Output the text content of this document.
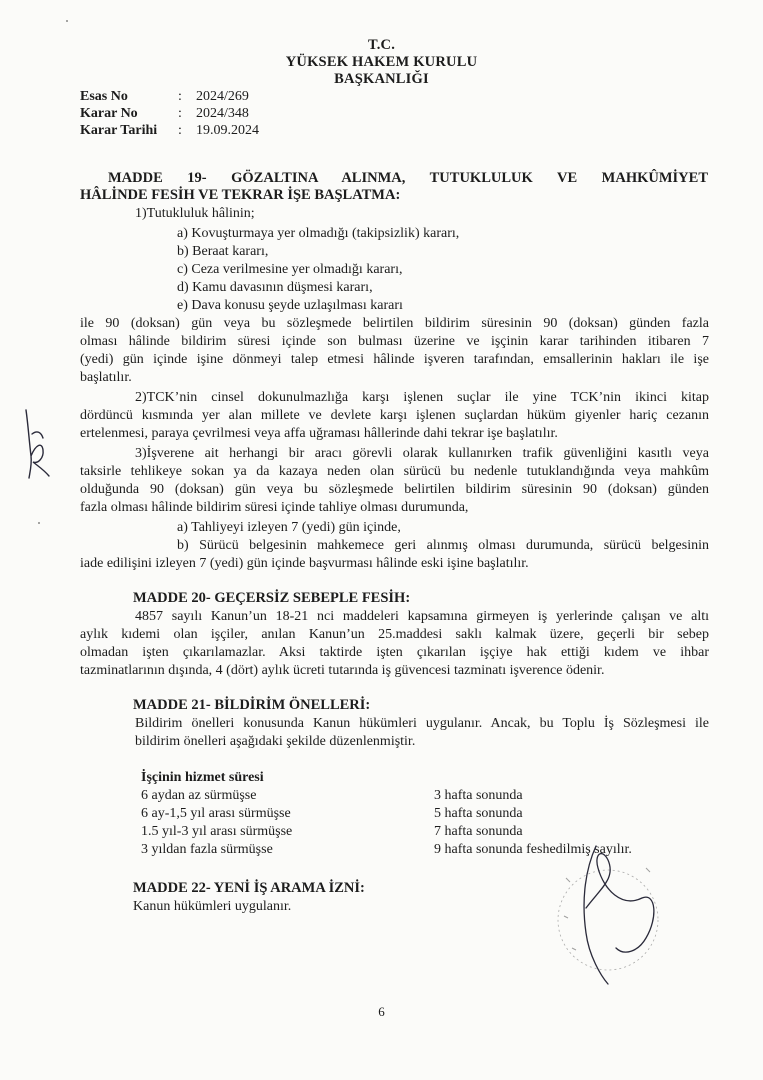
T.C.
YÜKSEK HAKEM KURULU
BAŞKANLIĞI
Esas No	: 2024/269
Karar No	: 2024/348
Karar Tarihi : 19.09.2024
MADDE 19- GÖZALTINA ALINMA, TUTUKLULUK VE MAHKÛMİYET
HÂLİNDE FESİH VE TEKRAR İŞE BAŞLATMA:
1)Tutukluluk hâlinin;
a) Kovuşturmaya yer olmadığı (takipsizlik) kararı,
b) Beraat kararı,
c) Ceza verilmesine yer olmadığı kararı,
d) Kamu davasının düşmesi kararı,
e) Dava konusu şeyde uzlaşılması kararı
ile 90 (doksan) gün veya bu sözleşmede belirtilen bildirim süresinin 90 (doksan) günden fazla
olması hâlinde bildirim süresi içinde son bulması üzerine ve işçinin karar tarihinden itibaren 7
(yedi) gün içinde işine dönmeyi talep etmesi hâlinde işveren tarafından, emsallerinin hakları ile işe
başlatılır.
2)TCK’nin cinsel dokunulmazlığa karşı işlenen suçlar ile yine TCK’nin ikinci kitap
dördüncü kısmında yer alan millete ve devlete karşı işlenen suçlardan hüküm giyenler hariç cezanın
ertelenmesi, paraya çevrilmesi veya affa uğraması hâllerinde dahi tekrar işe başlatılır.
3)İşverene ait herhangi bir aracı görevli olarak kullanırken trafik güvenliğini kasıtlı veya
taksirle tehlikeye sokan ya da kazaya neden olan sürücü bu nedenle tutuklandığında veya mahkûm
olduğunda 90 (doksan) gün veya bu sözleşmede belirtilen bildirim süresinin 90 (doksan) günden
fazla olması hâlinde bildirim süresi içinde tahliye olması durumunda,
a) Tahliyeyi izleyen 7 (yedi) gün içinde,
b) Sürücü belgesinin mahkemece geri alınmış olması durumunda, sürücü belgesinin
iade edilişini izleyen 7 (yedi) gün içinde başvurması hâlinde eski işine başlatılır.
MADDE 20- GEÇERSİZ SEBEPLE FESİH:
4857 sayılı Kanun’un 18-21 nci maddeleri kapsamına girmeyen iş yerlerinde çalışan ve altı
aylık kıdemi olan işçiler, anılan Kanun’un 25.maddesi saklı kalmak üzere, geçerli bir sebep
olmadan işten çıkarılamazlar. Aksi taktirde işten çıkarılan işçiye hak ettiği kıdem ve ihbar
tazminatlarının dışında, 4 (dört) aylık ücreti tutarında iş güvencesi tazminatı işverence ödenir.
MADDE 21- BİLDİRİM ÖNELLERİ:
Bildirim önelleri konusunda Kanun hükümleri uygulanır. Ancak, bu Toplu İş Sözleşmesi ile
bildirim önelleri aşağıdaki şekilde düzenlenmiştir.
İşçinin hizmet süresi
6 aydan az sürmüşse	3 hafta sonunda
6 ay-1,5 yıl arası sürmüşse	5 hafta sonunda
1.5 yıl-3 yıl arası sürmüşse	7 hafta sonunda
3 yıldan fazla sürmüşse	9 hafta sonunda feshedilmiş sayılır.
MADDE 22- YENİ İŞ ARAMA İZNİ:
Kanun hükümleri uygulanır.
6
